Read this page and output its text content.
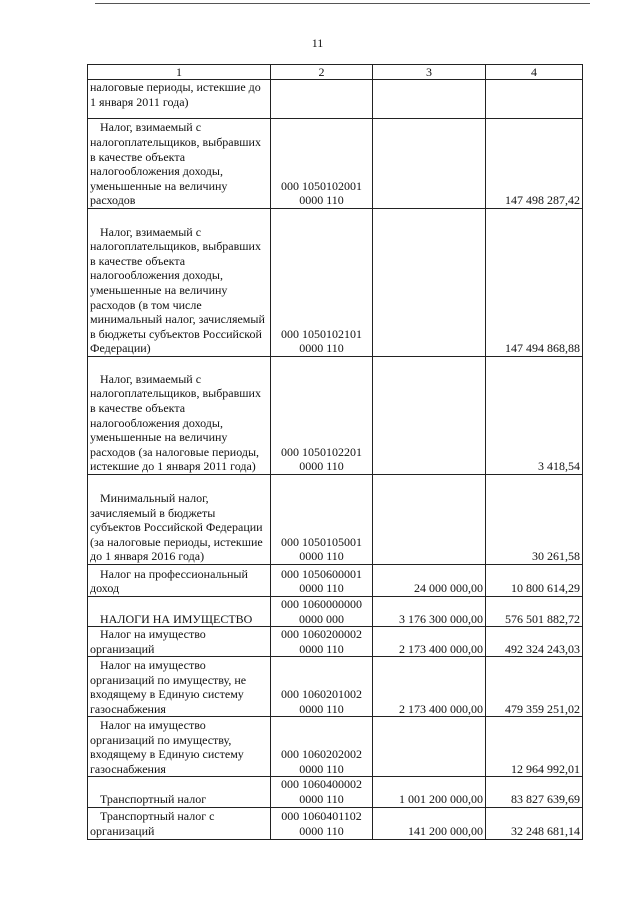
11
1	2	3	4
налоговые периоды, истекшие до 1 января 2011 года)			
Налог, взимаемый с налогоплательщиков, выбравших в качестве объекта налогообложения доходы, уменьшенные на величину расходов	000 1050102001 0000 110		147 498 287,42
Налог, взимаемый с налогоплательщиков, выбравших в качестве объекта налогообложения доходы, уменьшенные на величину расходов (в том числе минимальный налог, зачисляемый в бюджеты субъектов Российской Федерации)	000 1050102101 0000 110		147 494 868,88
Налог, взимаемый с налогоплательщиков, выбравших в качестве объекта налогообложения доходы, уменьшенные на величину расходов (за налоговые периоды, истекшие до 1 января 2011 года)	000 1050102201 0000 110		3 418,54
Минимальный налог, зачисляемый в бюджеты субъектов Российской Федерации (за налоговые периоды, истекшие до 1 января 2016 года)	000 1050105001 0000 110		30 261,58
Налог на профессиональный доход	000 1050600001 0000 110	24 000 000,00	10 800 614,29
НАЛОГИ НА ИМУЩЕСТВО	000 1060000000 0000 000	3 176 300 000,00	576 501 882,72
Налог на имущество организаций	000 1060200002 0000 110	2 173 400 000,00	492 324 243,03
Налог на имущество организаций по имуществу, не входящему в Единую систему газоснабжения	000 1060201002 0000 110	2 173 400 000,00	479 359 251,02
Налог на имущество организаций по имуществу, входящему в Единую систему газоснабжения	000 1060202002 0000 110		12 964 992,01
Транспортный налог	000 1060400002 0000 110	1 001 200 000,00	83 827 639,69
Транспортный налог с организаций	000 1060401102 0000 110	141 200 000,00	32 248 681,14
